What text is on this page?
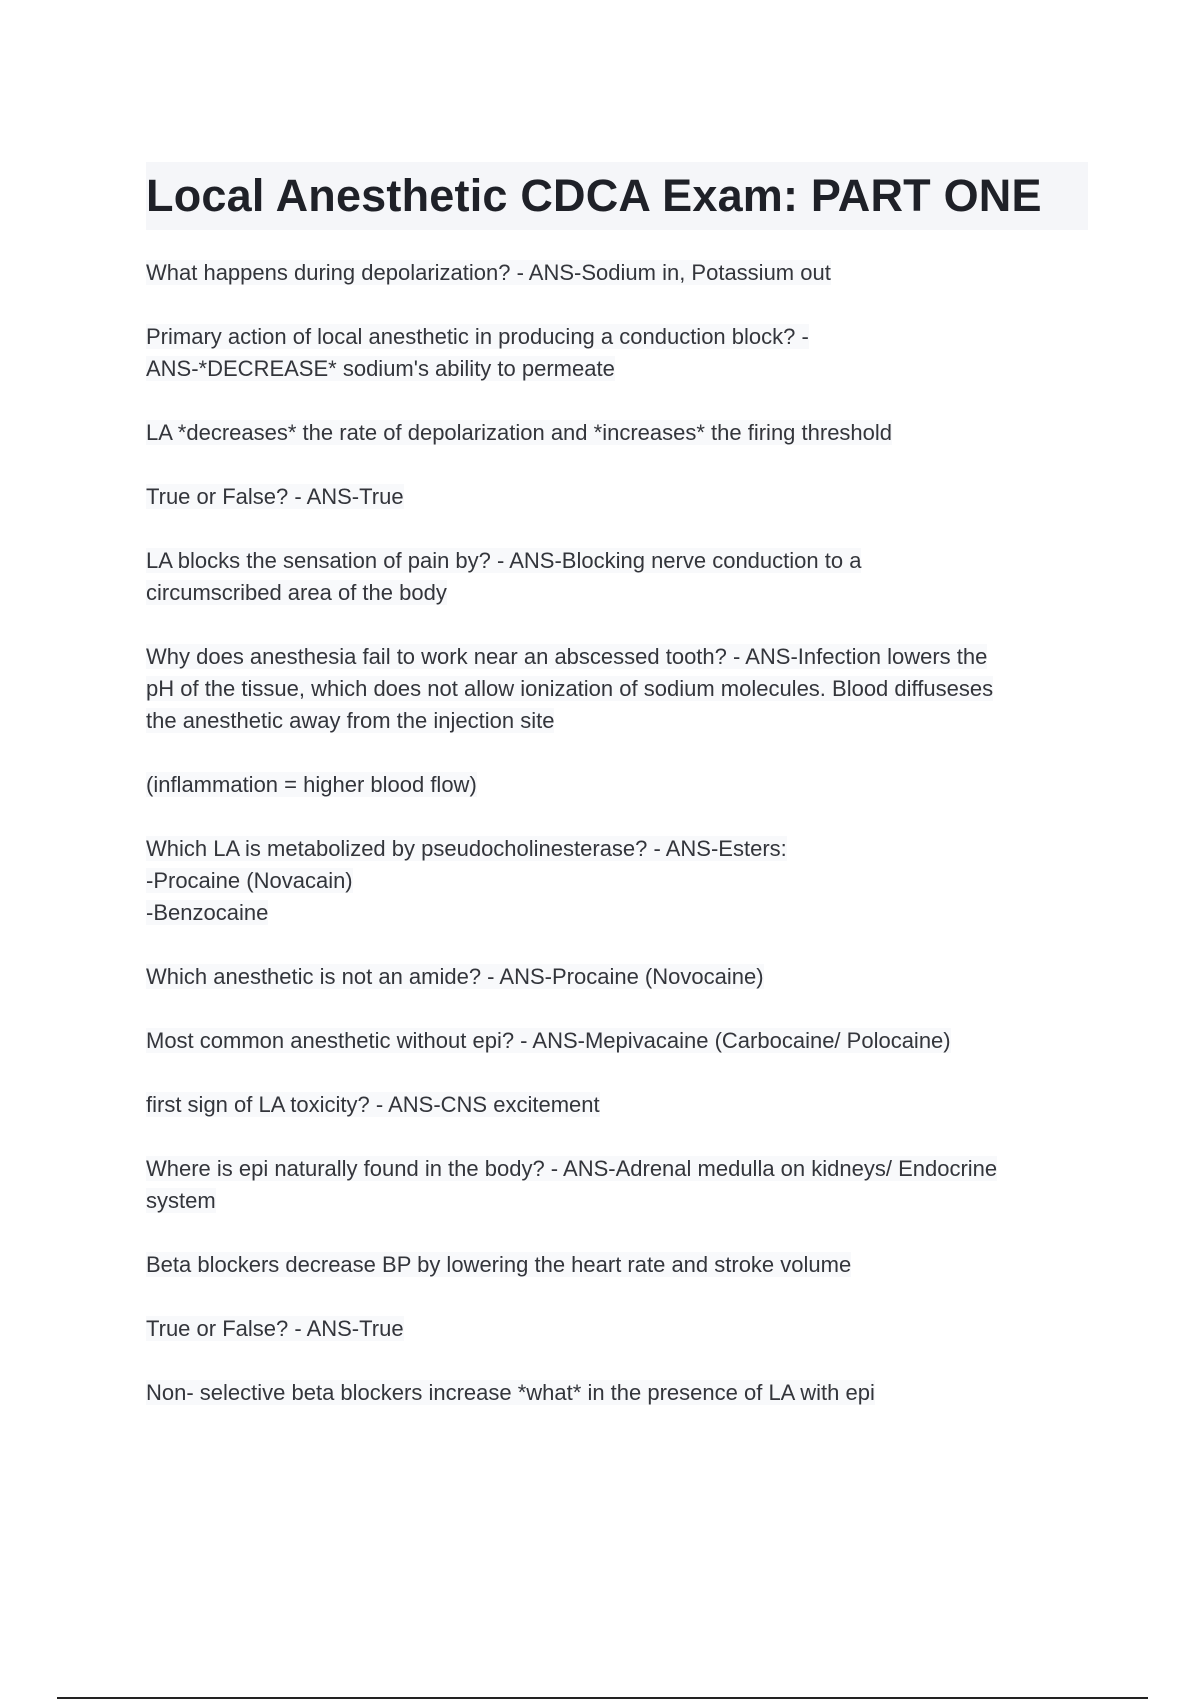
Local Anesthetic CDCA Exam: PART ONE

What happens during depolarization? - ANS-Sodium in, Potassium out

Primary action of local anesthetic in producing a conduction block? -
ANS-*DECREASE* sodium's ability to permeate

LA *decreases* the rate of depolarization and *increases* the firing threshold

True or False? - ANS-True

LA blocks the sensation of pain by? - ANS-Blocking nerve conduction to a
circumscribed area of the body

Why does anesthesia fail to work near an abscessed tooth? - ANS-Infection lowers the
pH of the tissue, which does not allow ionization of sodium molecules. Blood diffuseses
the anesthetic away from the injection site

(inflammation = higher blood flow)

Which LA is metabolized by pseudocholinesterase? - ANS-Esters:
-Procaine (Novacain)
-Benzocaine

Which anesthetic is not an amide? - ANS-Procaine (Novocaine)

Most common anesthetic without epi? - ANS-Mepivacaine (Carbocaine/ Polocaine)

first sign of LA toxicity? - ANS-CNS excitement

Where is epi naturally found in the body? - ANS-Adrenal medulla on kidneys/ Endocrine
system

Beta blockers decrease BP by lowering the heart rate and stroke volume

True or False? - ANS-True

Non- selective beta blockers increase *what* in the presence of LA with epi
